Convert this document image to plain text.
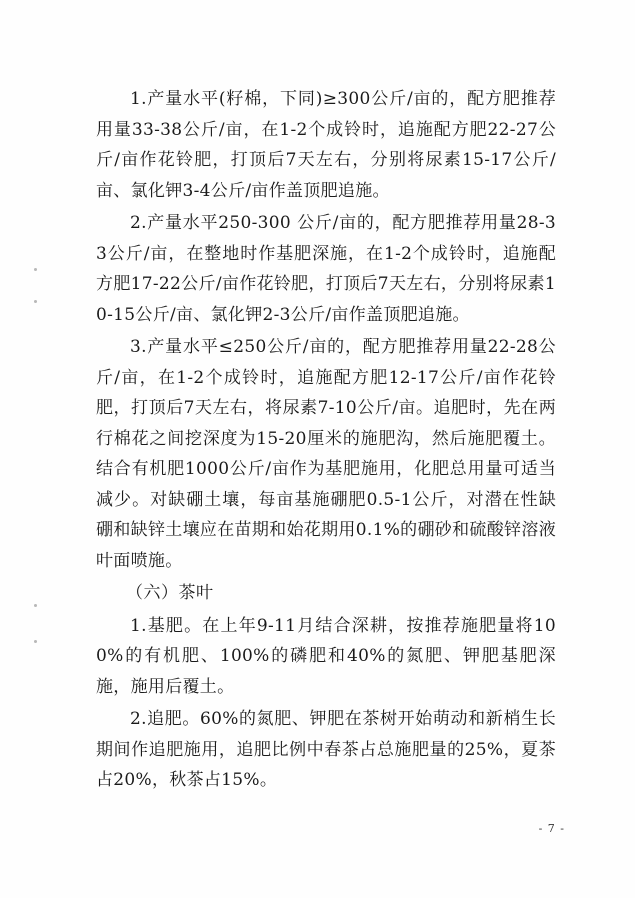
1.产量水平(籽棉，下同)≥300公斤/亩的，配方肥推荐用量33-38公斤/亩，在1-2个成铃时，追施配方肥22-27公斤/亩作花铃肥，打顶后7天左右，分别将尿素15-17公斤/亩、氯化钾3-4公斤/亩作盖顶肥追施。

2.产量水平250-300 公斤/亩的，配方肥推荐用量28-33公斤/亩，在整地时作基肥深施，在1-2个成铃时，追施配方肥17-22公斤/亩作花铃肥，打顶后7天左右，分别将尿素10-15公斤/亩、氯化钾2-3公斤/亩作盖顶肥追施。

3.产量水平≤250公斤/亩的，配方肥推荐用量22-28公斤/亩，在1-2个成铃时，追施配方肥12-17公斤/亩作花铃肥，打顶后7天左右，将尿素7-10公斤/亩。追肥时，先在两行棉花之间挖深度为15-20厘米的施肥沟，然后施肥覆土。结合有机肥1000公斤/亩作为基肥施用，化肥总用量可适当减少。对缺硼土壤，每亩基施硼肥0.5-1公斤，对潜在性缺硼和缺锌土壤应在苗期和始花期用0.1%的硼砂和硫酸锌溶液叶面喷施。

（六）茶叶

1.基肥。在上年9-11月结合深耕，按推荐施肥量将100%的有机肥、100%的磷肥和40%的氮肥、钾肥基肥深施，施用后覆土。

2.追肥。60%的氮肥、钾肥在茶树开始萌动和新梢生长期间作追肥施用，追肥比例中春茶占总施肥量的25%，夏茶占20%，秋茶占15%。

- 7 -
